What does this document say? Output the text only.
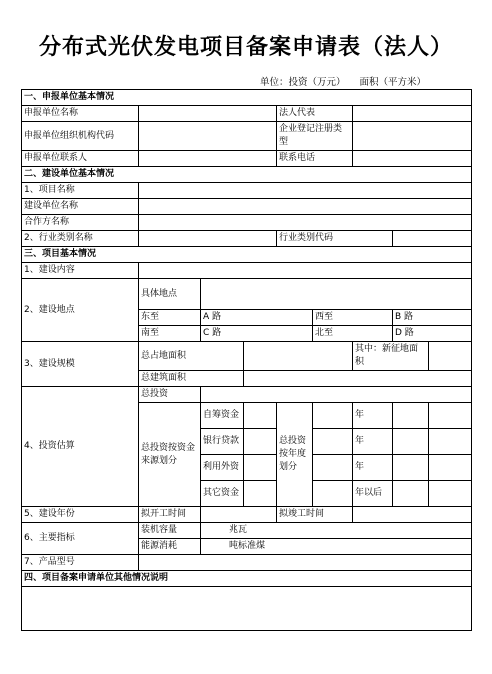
分布式光伏发电项目备案申请表（法人）
单位：投资（万元） 面积（平方米）
一、申报单位基本情况								
申报单位名称				法人代表				
申报单位组织机构代码				企业登记注册类型				
申报单位联系人				联系电话				
二、建设单位基本情况								
1、项目名称								
建设单位名称								
合作方名称								
2、行业类别名称				行业类别代码				
三、项目基本情况								
1、建设内容								
2、建设地点	具体地点							
	东至	A 路			西至		B 路	
	南至	C 路			北至		D 路	
3、建设规模	总占地面积					其中：新征地面积		
	总建筑面积							
4、投资估算	总投资							
	总投资按资金来源划分	自筹资金		总投资按年度划分		年		
		银行贷款				年		
		利用外资				年		
		其它资金				年以后		
5、建设年份	拟开工时间			拟竣工时间				
6、主要指标	装机容量	兆瓦						
	能源消耗	吨标准煤						
7、产品型号								
四、项目备案申请单位其他情况说明								
